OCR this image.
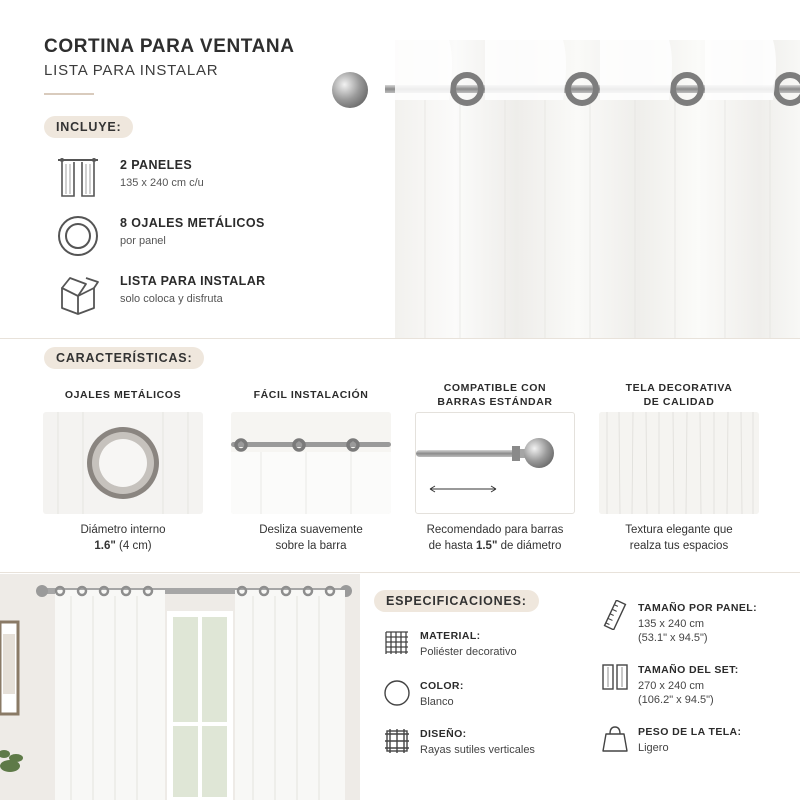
CORTINA PARA VENTANA
LISTA PARA INSTALAR
INCLUYE:
2 PANELES
135 x 240 cm c/u
8 OJALES METÁLICOS
por panel
LISTA PARA INSTALAR
solo coloca y disfruta
CARACTERÍSTICAS:
OJALES METÁLICOS
Diámetro interno
1.6" (4 cm)
FÁCIL INSTALACIÓN
Desliza suavemente
sobre la barra
COMPATIBLE CON
BARRAS ESTÁNDAR
Recomendado para barras
de hasta 1.5" de diámetro
TELA DECORATIVA
DE CALIDAD
Textura elegante que
realza tus espacios
ESPECIFICACIONES:
MATERIAL:
Poliéster decorativo
COLOR:
Blanco
DISEÑO:
Rayas sutiles verticales
TAMAÑO POR PANEL:
135 x 240 cm
(53.1" x 94.5")
TAMAÑO DEL SET:
270 x 240 cm
(106.2" x 94.5")
PESO DE LA TELA:
Ligero
